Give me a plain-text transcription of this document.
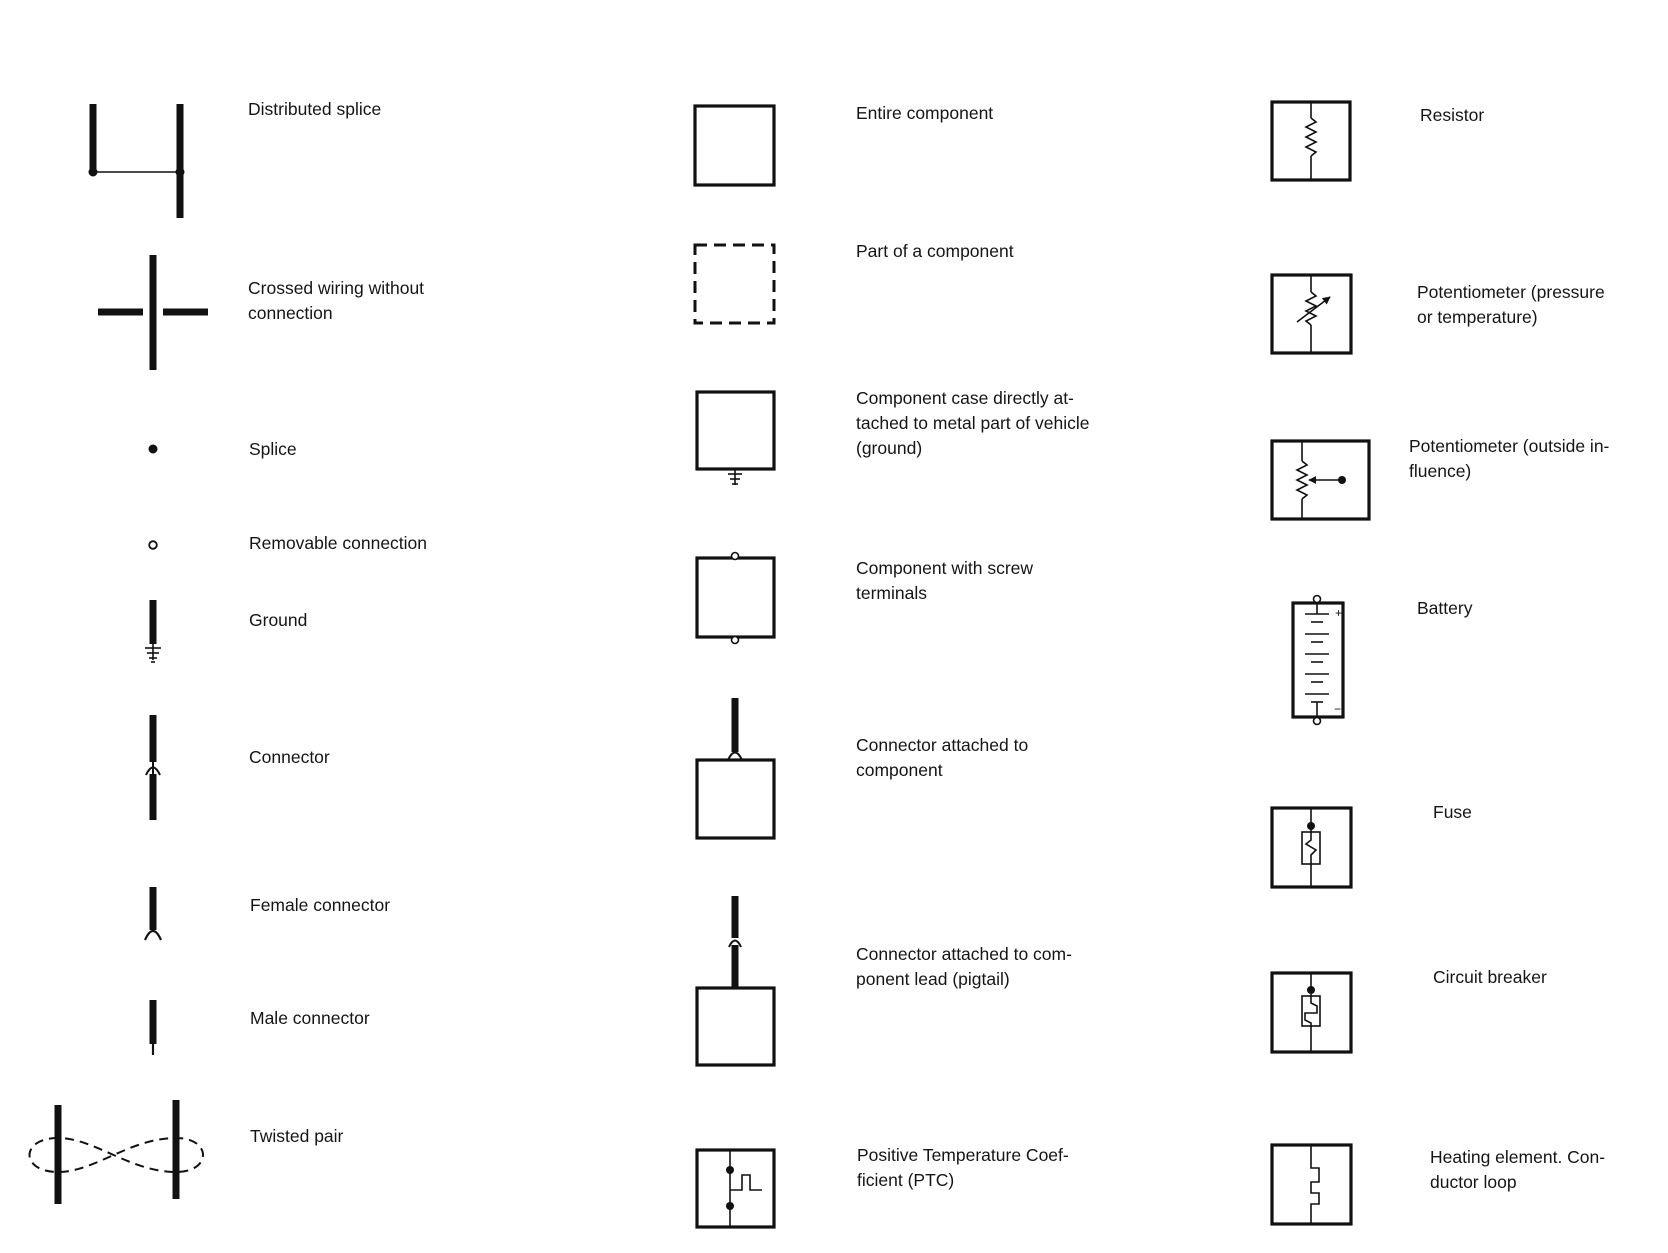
+
−
Distributed splice
Crossed wiring without
connection
Splice
Removable connection
Ground
Connector
Female connector
Male connector
Twisted pair
Entire component
Part of a component
Component case directly at-
tached to metal part of vehicle
(ground)
Component with screw
terminals
Connector attached to
component
Connector attached to com-
ponent lead (pigtail)
Positive Temperature Coef-
ficient (PTC)
Resistor
Potentiometer (pressure
or temperature)
Potentiometer (outside in-
fluence)
Battery
Fuse
Circuit breaker
Heating element. Con-
ductor loop
